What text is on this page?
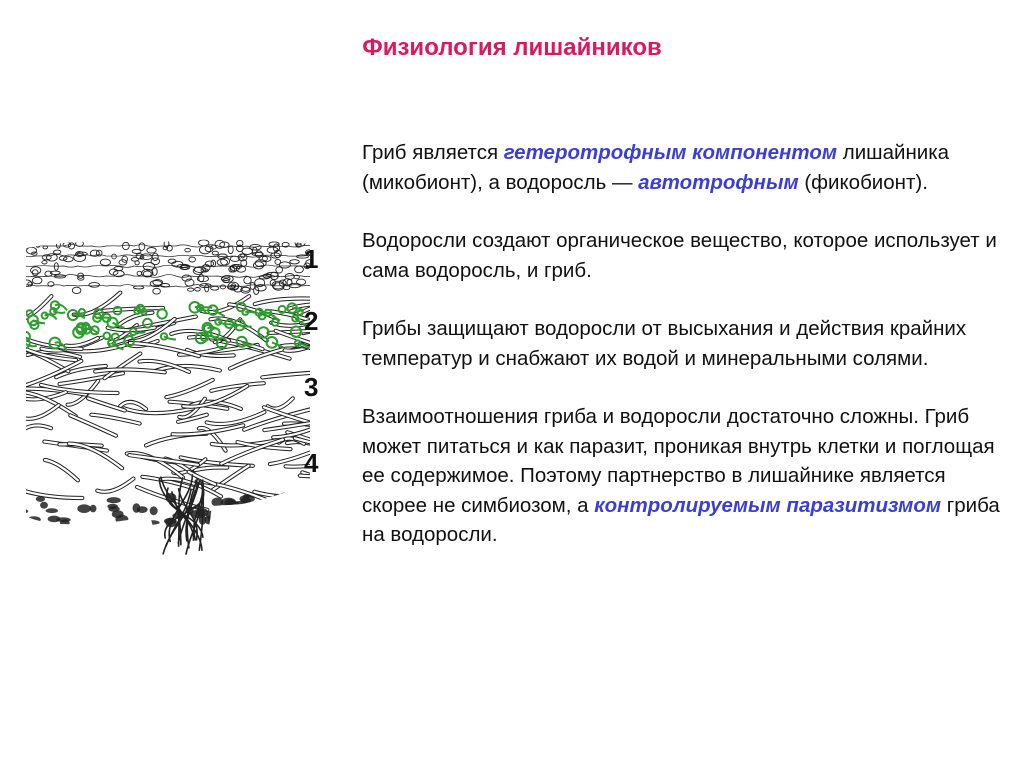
Физиология лишайников
1
2
3
4

Гриб является гетеротрофным компонентом лишайника (микобионт), а водоросль — автотрофным (фикобионт).

Водоросли создают органическое вещество, которое использует и сама водоросль, и гриб.

Грибы защищают водоросли от высыхания и действия крайних температур и снабжают их водой и минеральными солями.

Взаимоотношения гриба и водоросли достаточно сложны. Гриб может питаться и как паразит, проникая внутрь клетки и поглощая ее содержимое. Поэтому партнерство в лишайнике является скорее не симбиозом, а контролируемым паразитизмом гриба на водоросли.
